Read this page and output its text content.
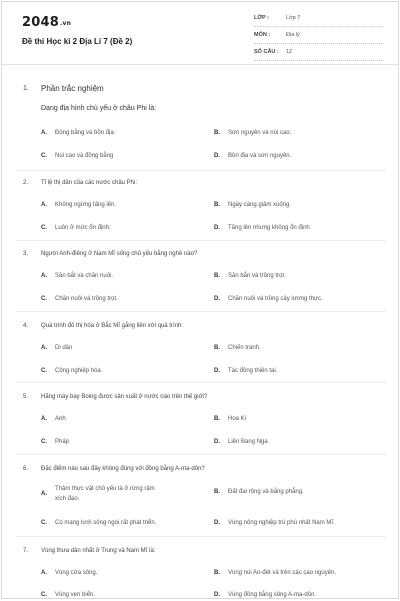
2048.vn
Đề thi Học kì 2 Địa Lí 7 (Đề 2)
LỚP :	Lớp 7
MÔN :	Địa lý
SỐ CÂU :	12
1. Phần trắc nghiệm
Dạng địa hình chủ yếu ở châu Phi là:
A.	Đồng bằng và bồn địa.	B.	Sơn nguyên và núi cao.
C.	Núi cao và đồng bằng	D.	Bồn địa và sơn nguyên.
2. Tỉ lệ thị dân của các nước châu Phi:
A.	Không ngừng tăng lên.	B.	Ngày càng giảm xuống.
C.	Luôn ở mức ổn định.	D.	Tăng lên nhưng không ổn định
3. Người Anh-điêng ở Nam Mĩ sống chủ yếu bằng nghề nào?
A.	Săn bắt và chăn nuôi.	B.	Săn bắn và trồng trọt.
C.	Chăn nuôi và trồng trọt.	D.	Chăn nuôi và trồng cây lương thực.
4. Quá trình đô thị hóa ở Bắc Mĩ gắng liền với quá trình:
A.	Di dân	B.	Chiến tranh.
C.	Công nghiệp hóa.	D.	Tác động thiên tai.
5. Hãng máy bay Boing được sản xuất ở nước nào trên thế giới?
A.	Anh	B.	Hoa Kì
C.	Pháp	D.	Liên Bang Nga
6. Đặc điểm nào sau đây không đúng với đồng bằng A-ma-dôn?
A.
Thảm thực vật chủ yếu là ở rừng rậm xích đạo.
B.	Đất đai rộng và bằng phẳng.
C.	Có mạng lưới sông ngòi rất phát triển.	D.	Vùng nông nghiệp trù phú nhất Nam Mĩ.
7. Vùng thưa dân nhất ở Trung và Nam Mĩ là:
A.	Vùng cửa sông.	B.	Vùng núi An-đét và trên các cao nguyên.
C.	Vùng ven biển.	D.	Vùng đồng bằng sông A-ma-dôn.
